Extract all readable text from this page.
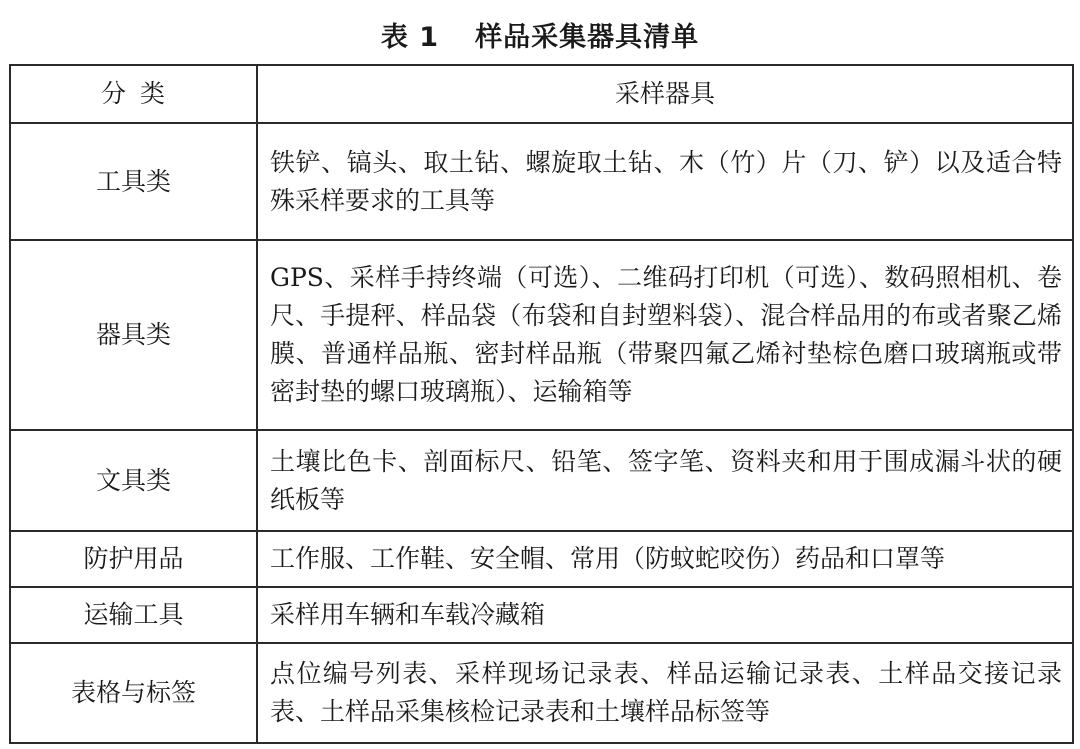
表 1 样品采集器具清单
分类	采样器具
工具类	铁铲、镐头、取土钻、螺旋取土钻、木（竹）片（刀、铲）以及适合特殊采样要求的工具等
器具类	GPS、采样手持终端（可选）、二维码打印机（可选）、数码照相机、卷尺、手提秤、样品袋（布袋和自封塑料袋）、混合样品用的布或者聚乙烯膜、普通样品瓶、密封样品瓶（带聚四氟乙烯衬垫棕色磨口玻璃瓶或带密封垫的螺口玻璃瓶）、运输箱等
文具类	土壤比色卡、剖面标尺、铅笔、签字笔、资料夹和用于围成漏斗状的硬纸板等
防护用品	工作服、工作鞋、安全帽、常用（防蚊蛇咬伤）药品和口罩等
运输工具	采样用车辆和车载冷藏箱
表格与标签	点位编号列表、采样现场记录表、样品运输记录表、土样品交接记录表、土样品采集核检记录表和土壤样品标签等
